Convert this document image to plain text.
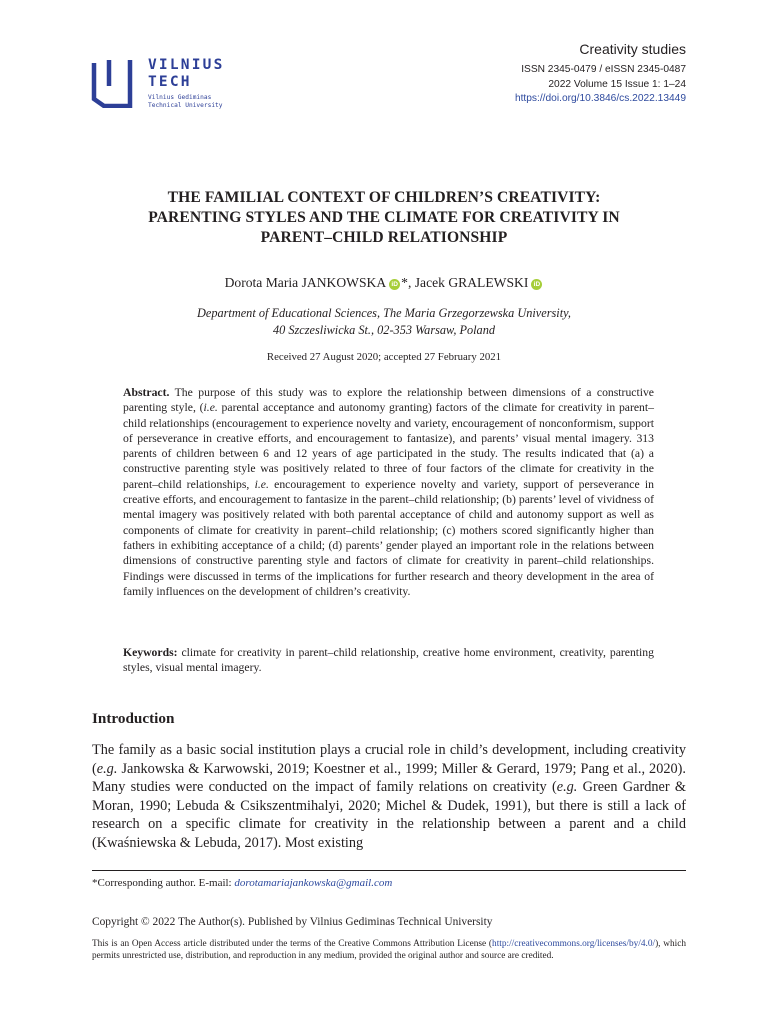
VILNIUS
TECH
Vilnius Gediminas
Technical University
Creativity studies
ISSN 2345-0479 / eISSN 2345-0487
2022 Volume 15 Issue 1: 1–24
https://doi.org/10.3846/cs.2022.13449
THE FAMILIAL CONTEXT OF CHILDREN’S CREATIVITY:
PARENTING STYLES AND THE CLIMATE FOR CREATIVITY IN
PARENT–CHILD RELATIONSHIP
Dorota Maria JANKOWSKA iD *, Jacek GRALEWSKI iD
Department of Educational Sciences, The Maria Grzegorzewska University,
40 Szczesliwicka St., 02-353 Warsaw, Poland
Received 27 August 2020; accepted 27 February 2021
Abstract. The purpose of this study was to explore the relationship between dimensions of a constructive parenting style, (i.e. parental acceptance and autonomy granting) factors of the climate for creativity in parent–child relationships (encouragement to experience novelty and variety, encouragement of nonconformism, support of perseverance in creative efforts, and encouragement to fantasize), and parents’ visual mental imagery. 313 parents of children between 6 and 12 years of age participated in the study. The results indicated that (a) a constructive parenting style was positively related to three of four factors of the climate for creativity in the parent–child relationships, i.e. encouragement to experience novelty and variety, support of perseverance in creative efforts, and encouragement to fantasize in the parent–child relationship; (b) parents’ level of vividness of mental imagery was positively related with both parental acceptance of child and autonomy support as well as components of climate for creativity in parent–child relationship; (c) mothers scored significantly higher than fathers in exhibiting acceptance of a child; (d) parents’ gender played an important role in the relations between dimensions of constructive parenting style and factors of climate for creativity in parent–child relationships. Findings were discussed in terms of the implications for further research and theory development in the area of family influences on the development of children’s creativity.
Keywords: climate for creativity in parent–child relationship, creative home environment, creativity, parenting styles, visual mental imagery.
Introduction
The family as a basic social institution plays a crucial role in child’s development, including creativity (e.g. Jankowska & Karwowski, 2019; Koestner et al., 1999; Miller & Gerard, 1979; Pang et al., 2020). Many studies were conducted on the impact of family relations on creativity (e.g. Green Gardner & Moran, 1990; Lebuda & Csikszentmihalyi, 2020; Michel & Dudek, 1991), but there is still a lack of research on a specific climate for creativity in the relationship between a parent and a child (Kwaśniewska & Lebuda, 2017). Most existing
*Corresponding author. E-mail: dorotamariajankowska@gmail.com
Copyright © 2022 The Author(s). Published by Vilnius Gediminas Technical University
This is an Open Access article distributed under the terms of the Creative Commons Attribution License (http://creativecommons.org/licenses/by/4.0/), which permits unrestricted use, distribution, and reproduction in any medium, provided the original author and source are credited.
